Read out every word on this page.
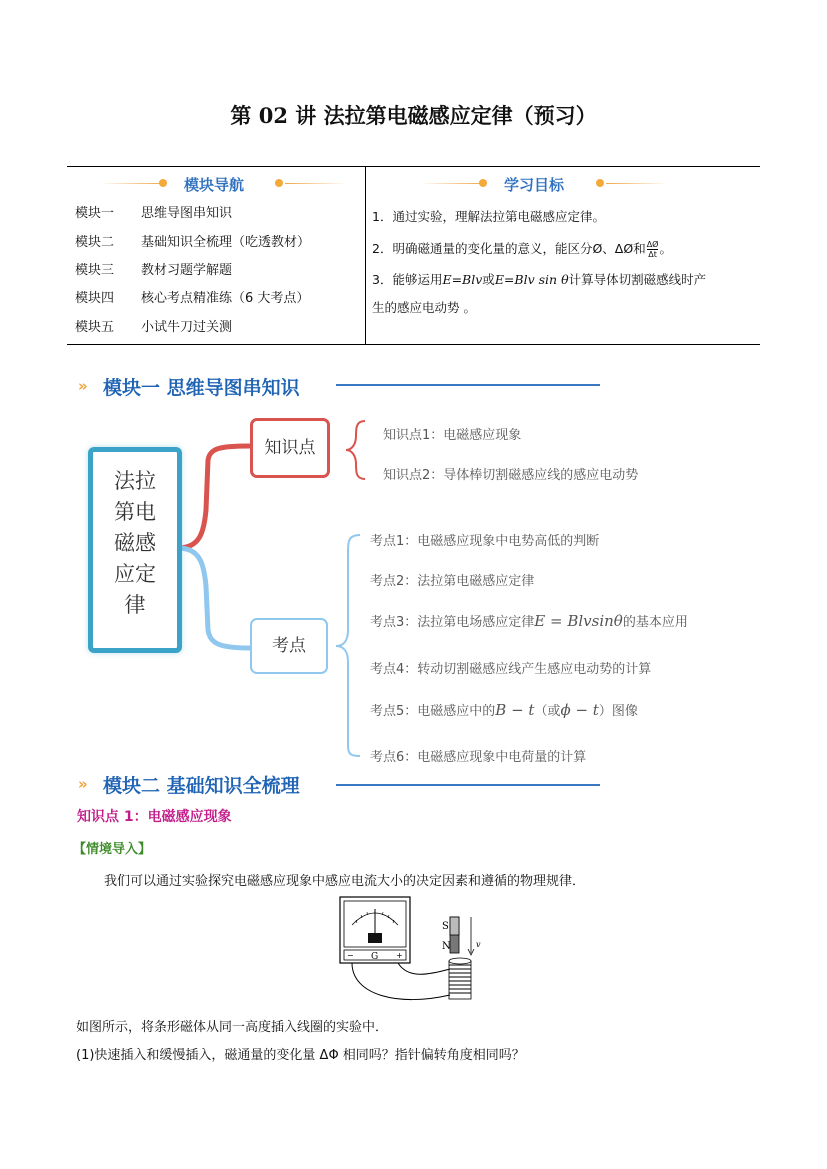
第 02 讲 法拉第电磁感应定律（预习）
模块导航
模块一 思维导图串知识
模块二 基础知识全梳理（吃透教材）
模块三 教材习题学解题
模块四 核心考点精准练（6 大考点）
模块五 小试牛刀过关测
学习目标
1．通过实验，理解法拉第电磁感应定律。
2．明确磁通量的变化量的意义，能区分Ø、ΔØ和 $\frac{\Delta Ø}{\Delta t}$ 。
3．能够运用E=Blv或E=Blv sin θ计算导体切割磁感线时产
生的感应电动势 。
» 模块一 思维导图串知识
法拉
第电
磁感
应定
律
知识点
考点
知识点1：电磁感应现象
知识点2：导体棒切割磁感应线的感应电动势
考点1：电磁感应现象中电势高低的判断
考点2：法拉第电磁感应定律
考点3：法拉第电场感应定律E = Blvsinθ的基本应用
考点4：转动切割磁感应线产生感应电动势的计算
考点5：电磁感应中的B − t（或ϕ − t）图像
考点6：电磁感应现象中电荷量的计算
» 模块二 基础知识全梳理
知识点 1：电磁感应现象
【情境导入】
我们可以通过实验探究电磁感应现象中感应电流大小的决定因素和遵循的物理规律．
− G +
S
N	v
如图所示，将条形磁体从同一高度插入线圈的实验中．
(1)快速插入和缓慢插入，磁通量的变化量 ΔΦ 相同吗？指针偏转角度相同吗？
